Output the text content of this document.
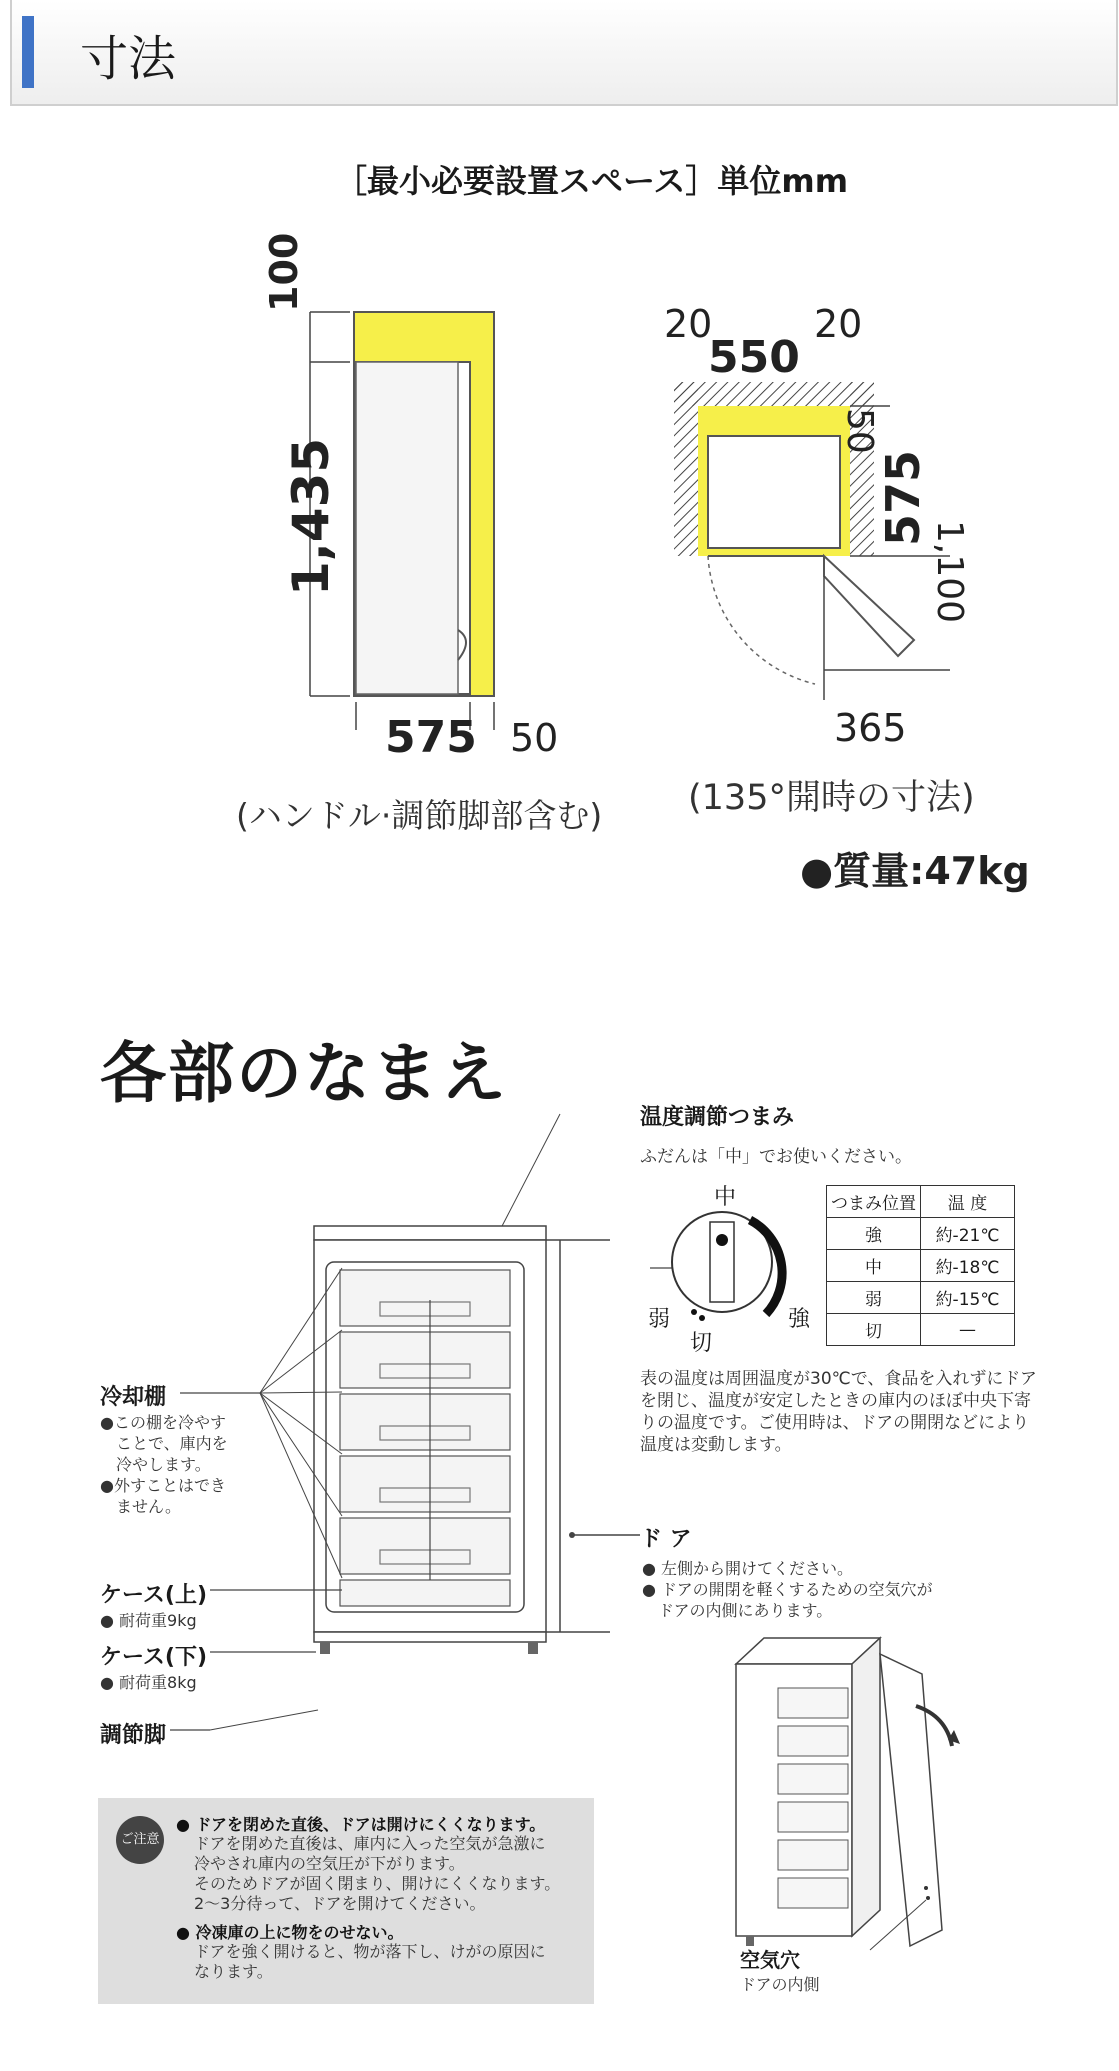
寸法
［最小必要設置スペース］単位mm
100
1,435
575 50
(ハンドル·調節脚部含む)
20
550
20
50
575
1,100
365
(135°開時の寸法)
●質量:47kg
各部のなまえ
温度調節つまみ
ふだんは「中」でお使いください。
中
弱	強
切
つまみ位置	温 度
強	約-21℃
中	約-18℃
弱	約-15℃
切	—
表の温度は周囲温度が30℃で、食品を入れずにドア
を閉じ、温度が安定したときの庫内のほぼ中央下寄
りの温度です。ご使用時は、ドアの開閉などにより
温度は変動します。
冷却棚
●この棚を冷やす
ことで、庫内を
冷やします。
●外すことはでき
ません。
ケース(上)
● 耐荷重9kg
ケース(下)
● 耐荷重8kg
調節脚
ド ア
● 左側から開けてください。
● ドアの開閉を軽くするための空気穴が
ドアの内側にあります。
空気穴
ドアの内側
ご注意
● ドアを閉めた直後、ドアは開けにくくなります。
ドアを閉めた直後は、庫内に入った空気が急激に
冷やされ庫内の空気圧が下がります。
そのためドアが固く閉まり、開けにくくなります。
2～3分待って、ドアを開けてください。
● 冷凍庫の上に物をのせない。
ドアを強く開けると、物が落下し、けがの原因に
なります。
